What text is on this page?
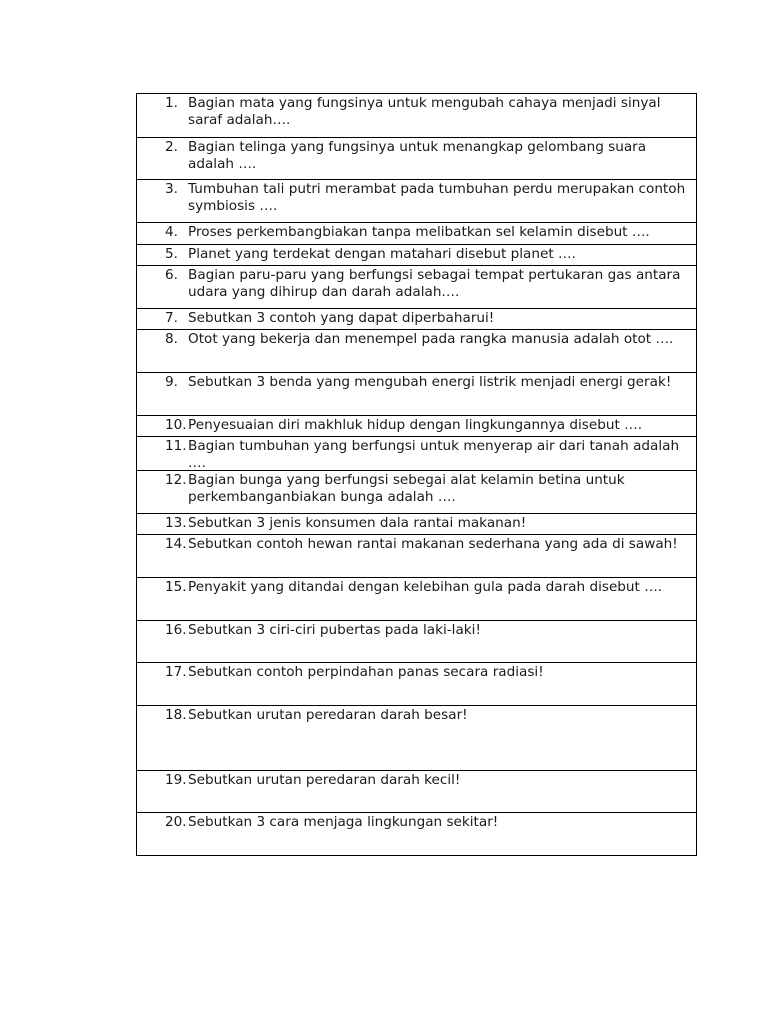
1. Bagian mata yang fungsinya untuk mengubah cahaya menjadi sinyal saraf adalah….
2. Bagian telinga yang fungsinya untuk menangkap gelombang suara adalah ….
3. Tumbuhan tali putri merambat pada tumbuhan perdu merupakan contoh symbiosis ….
4. Proses perkembangbiakan tanpa melibatkan sel kelamin disebut ….
5. Planet yang terdekat dengan matahari disebut planet ….
6. Bagian paru-paru yang berfungsi sebagai tempat pertukaran gas antara udara yang dihirup dan darah adalah….
7. Sebutkan 3 contoh yang dapat diperbaharui!
8. Otot yang bekerja dan menempel pada rangka manusia adalah otot ….
9. Sebutkan 3 benda yang mengubah energi listrik menjadi energi gerak!
10. Penyesuaian diri makhluk hidup dengan lingkungannya disebut ….
11. Bagian tumbuhan yang berfungsi untuk menyerap air dari tanah adalah ….
12. Bagian bunga yang berfungsi sebegai alat kelamin betina untuk perkembanganbiakan bunga adalah ….
13. Sebutkan 3 jenis konsumen dala rantai makanan!
14. Sebutkan contoh hewan rantai makanan sederhana yang ada di sawah!
15. Penyakit yang ditandai dengan kelebihan gula pada darah disebut ….
16. Sebutkan 3 ciri-ciri pubertas pada laki-laki!
17. Sebutkan contoh perpindahan panas secara radiasi!
18. Sebutkan urutan peredaran darah besar!
19. Sebutkan urutan peredaran darah kecil!
20. Sebutkan 3 cara menjaga lingkungan sekitar!
